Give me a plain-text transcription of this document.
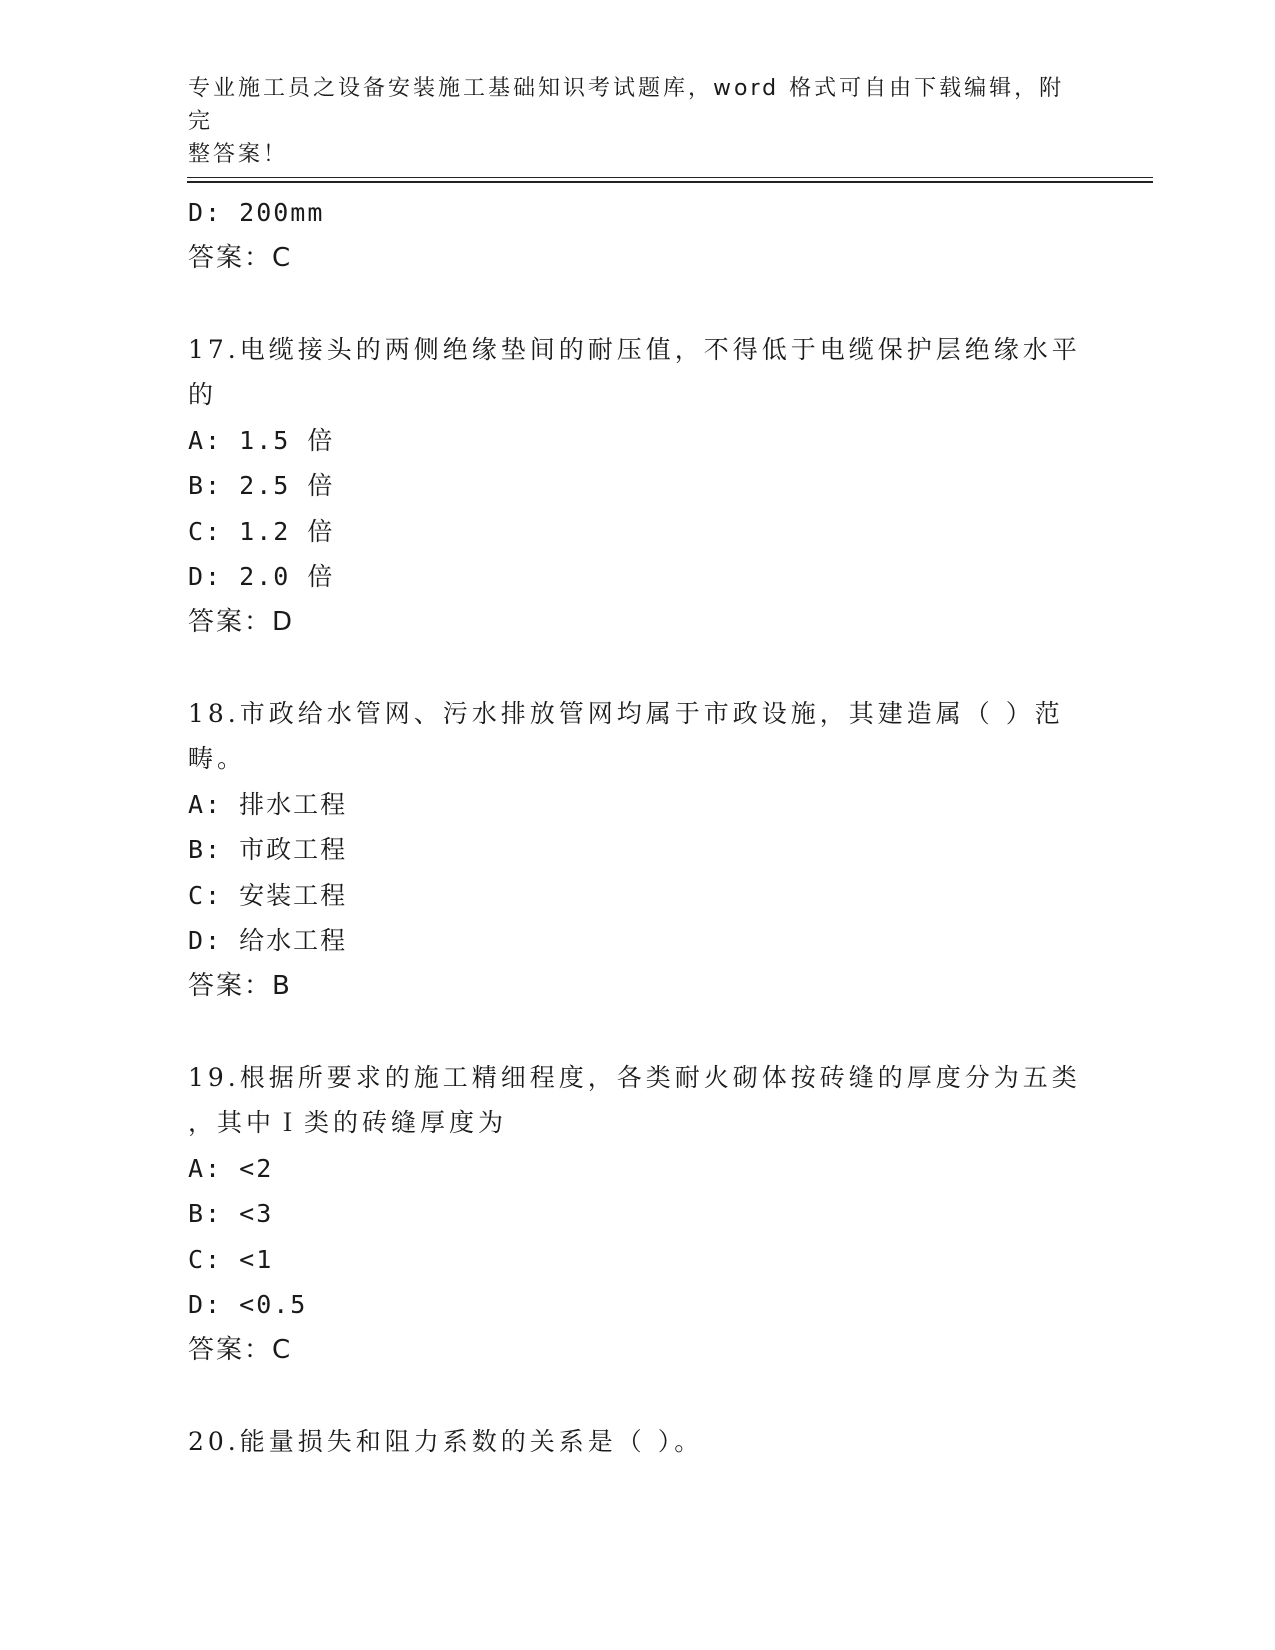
专业施工员之设备安装施工基础知识考试题库，word 格式可自由下载编辑，附完
整答案！
D: 200mm
答案：C
17.电缆接头的两侧绝缘垫间的耐压值，不得低于电缆保护层绝缘水平
的
A: 1.5 倍
B: 2.5 倍
C: 1.2 倍
D: 2.0 倍
答案：D
18.市政给水管网、污水排放管网均属于市政设施，其建造属（ ）范
畴。
A: 排水工程
B: 市政工程
C: 安装工程
D: 给水工程
答案：B
19.根据所要求的施工精细程度，各类耐火砌体按砖缝的厚度分为五类
，其中Ｉ类的砖缝厚度为
A: <2
B: <3
C: <1
D: <0.5
答案：C
20.能量损失和阻力系数的关系是（ ）。
